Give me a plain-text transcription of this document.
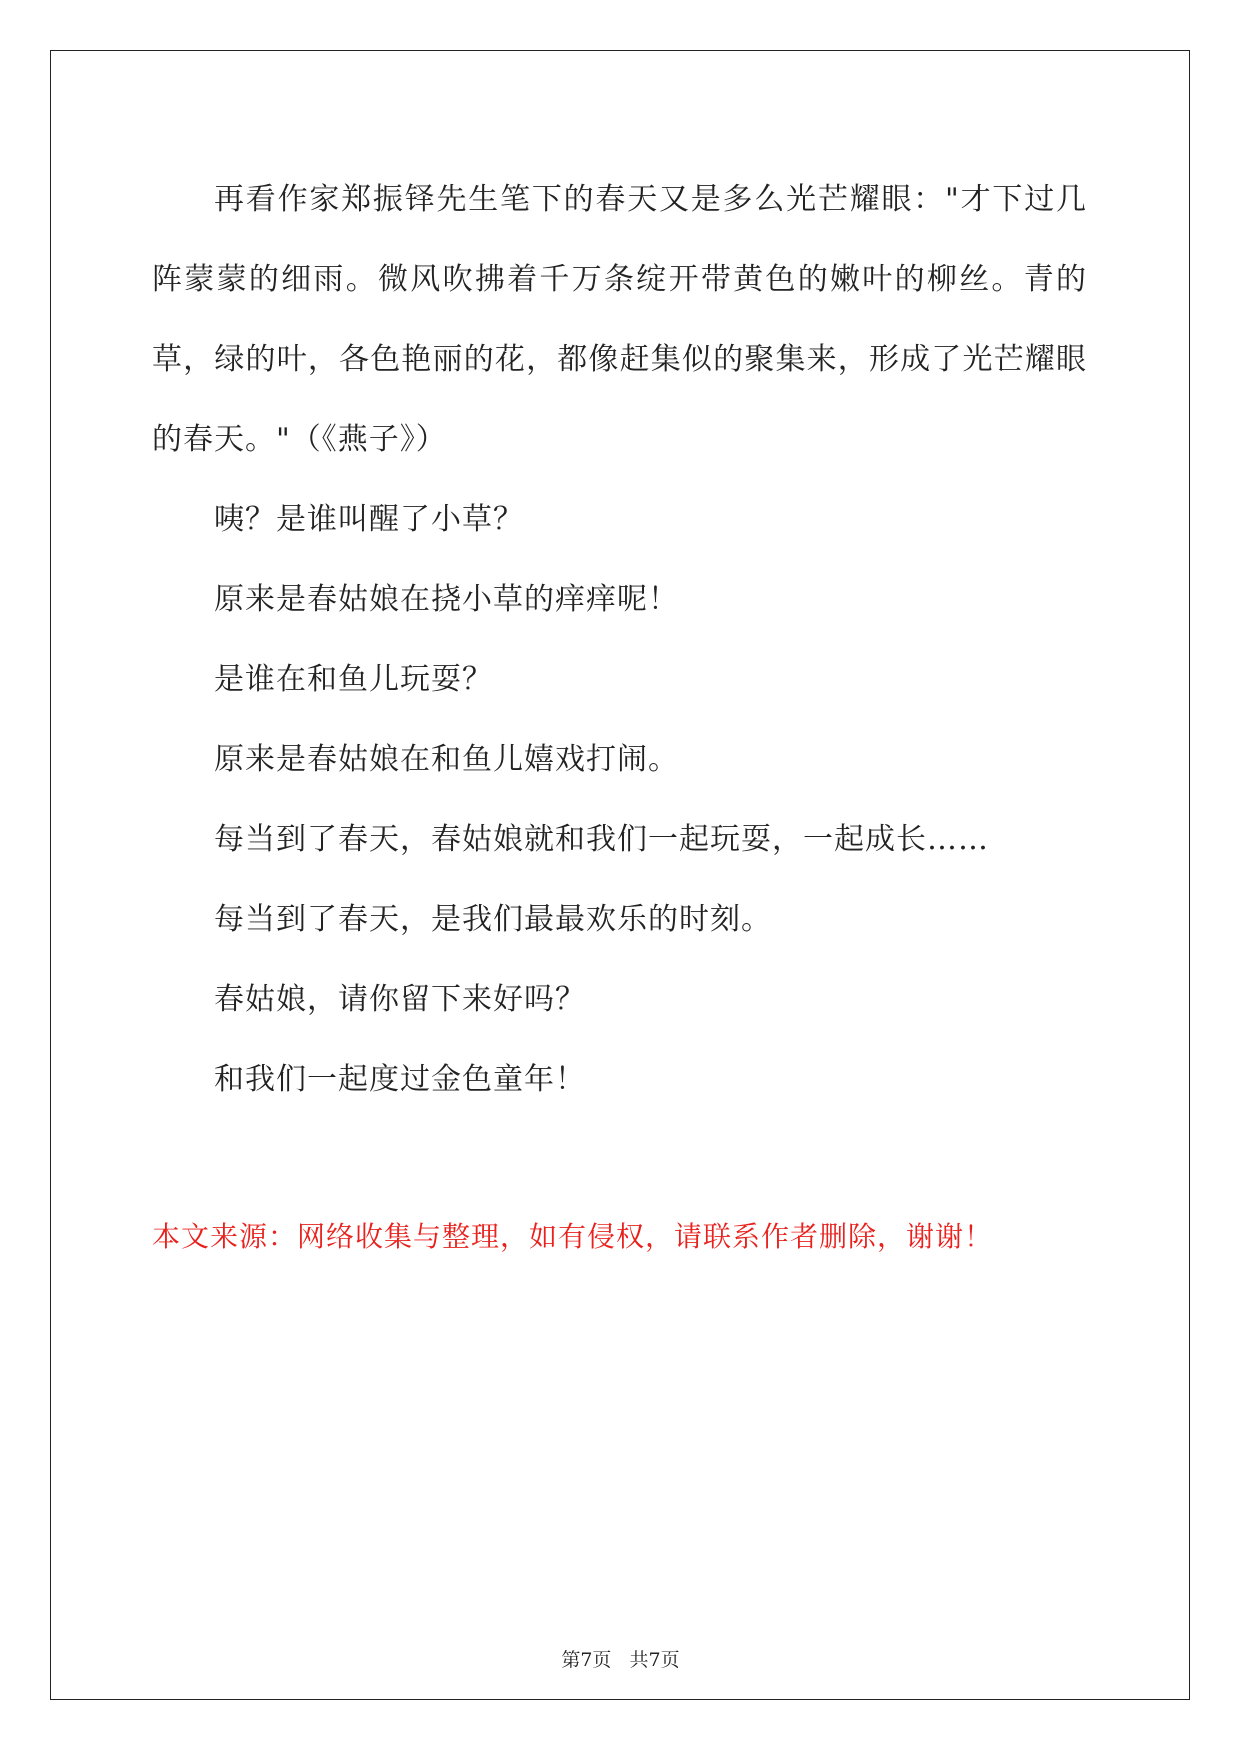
再看作家郑振铎先生笔下的春天又是多么光芒耀眼："才下过几阵蒙蒙的细雨。微风吹拂着千万条绽开带黄色的嫩叶的柳丝。青的草，绿的叶，各色艳丽的花，都像赶集似的聚集来，形成了光芒耀眼的春天。"（《燕子》）

咦？是谁叫醒了小草？

原来是春姑娘在挠小草的痒痒呢！

是谁在和鱼儿玩耍？

原来是春姑娘在和鱼儿嬉戏打闹。

每当到了春天，春姑娘就和我们一起玩耍，一起成长……

每当到了春天，是我们最最欢乐的时刻。

春姑娘，请你留下来好吗？

和我们一起度过金色童年！

本文来源：网络收集与整理，如有侵权，请联系作者删除，谢谢！
第7页   共7页
